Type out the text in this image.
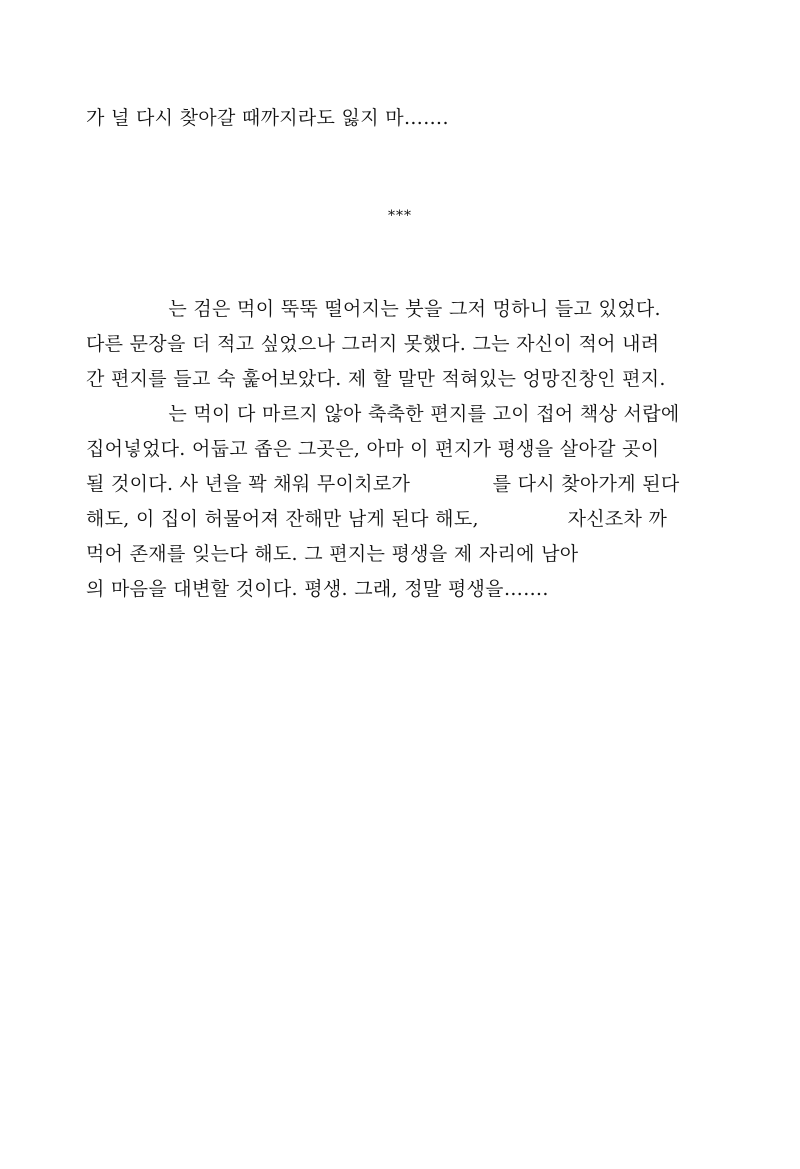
가 널 다시 찾아갈 때까지라도 잃지 마…….
***
는 검은 먹이 뚝뚝 떨어지는 붓을 그저 멍하니 들고 있었다.
다른 문장을 더 적고 싶었으나 그러지 못했다. 그는 자신이 적어 내려
간 편지를 들고 숙 훑어보았다. 제 할 말만 적혀있는 엉망진창인 편지.
는 먹이 다 마르지 않아 축축한 편지를 고이 접어 책상 서랍에
집어넣었다. 어둡고 좁은 그곳은, 아마 이 편지가 평생을 살아갈 곳이
될 것이다. 사 년을 꽉 채워 무이치로가             를 다시 찾아가게 된다
해도, 이 집이 허물어져 잔해만 남게 된다 해도,              자신조차 까
먹어 존재를 잊는다 해도. 그 편지는 평생을 제 자리에 남아
의 마음을 대변할 것이다. 평생. 그래, 정말 평생을…….
